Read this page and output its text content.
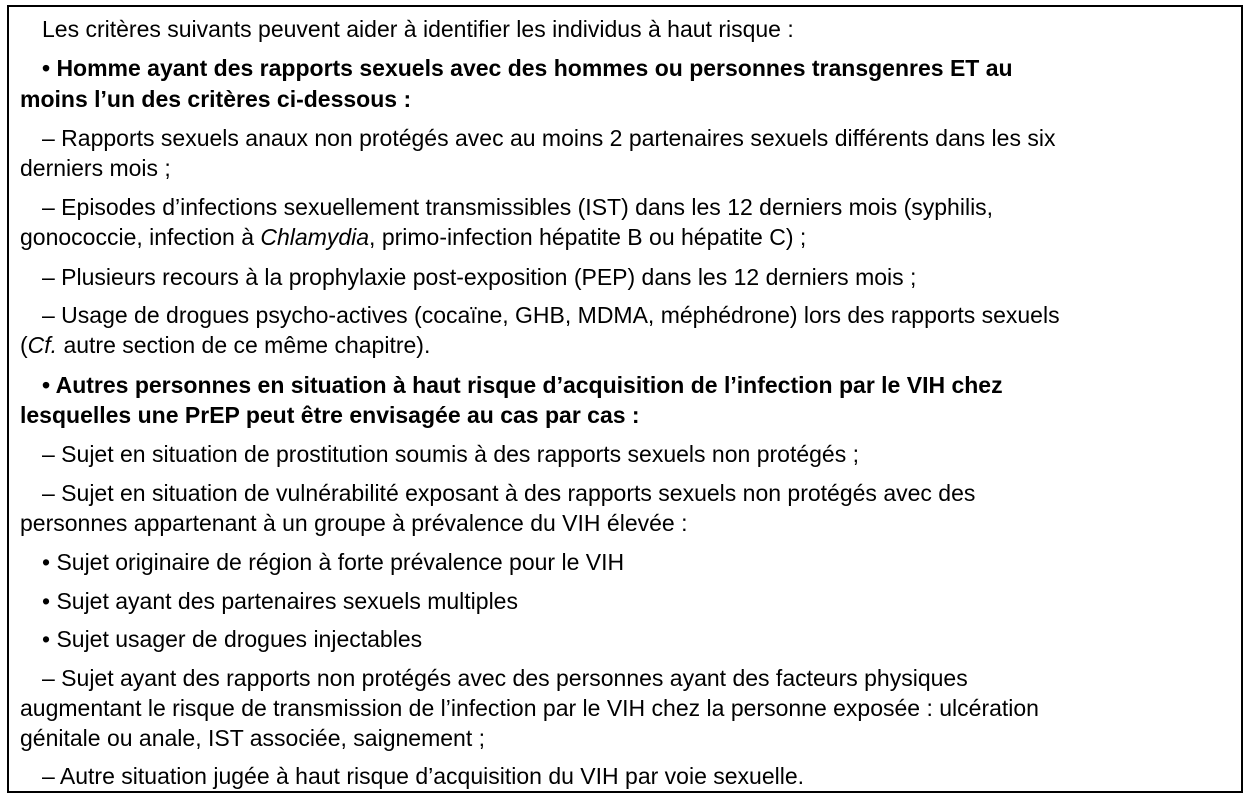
Les critères suivants peuvent aider à identifier les individus à haut risque :
• Homme ayant des rapports sexuels avec des hommes ou personnes transgenres ET au
moins l’un des critères ci-dessous :
– Rapports sexuels anaux non protégés avec au moins 2 partenaires sexuels différents dans les six
derniers mois ;
– Episodes d’infections sexuellement transmissibles (IST) dans les 12 derniers mois (syphilis,
gonococcie, infection à Chlamydia, primo-infection hépatite B ou hépatite C) ;
– Plusieurs recours à la prophylaxie post-exposition (PEP) dans les 12 derniers mois ;
– Usage de drogues psycho-actives (cocaïne, GHB, MDMA, méphédrone) lors des rapports sexuels
(Cf. autre section de ce même chapitre).
• Autres personnes en situation à haut risque d’acquisition de l’infection par le VIH chez
lesquelles une PrEP peut être envisagée au cas par cas :
– Sujet en situation de prostitution soumis à des rapports sexuels non protégés ;
– Sujet en situation de vulnérabilité exposant à des rapports sexuels non protégés avec des
personnes appartenant à un groupe à prévalence du VIH élevée :
• Sujet originaire de région à forte prévalence pour le VIH
• Sujet ayant des partenaires sexuels multiples
• Sujet usager de drogues injectables
– Sujet ayant des rapports non protégés avec des personnes ayant des facteurs physiques
augmentant le risque de transmission de l’infection par le VIH chez la personne exposée : ulcération
génitale ou anale, IST associée, saignement ;
– Autre situation jugée à haut risque d’acquisition du VIH par voie sexuelle.
